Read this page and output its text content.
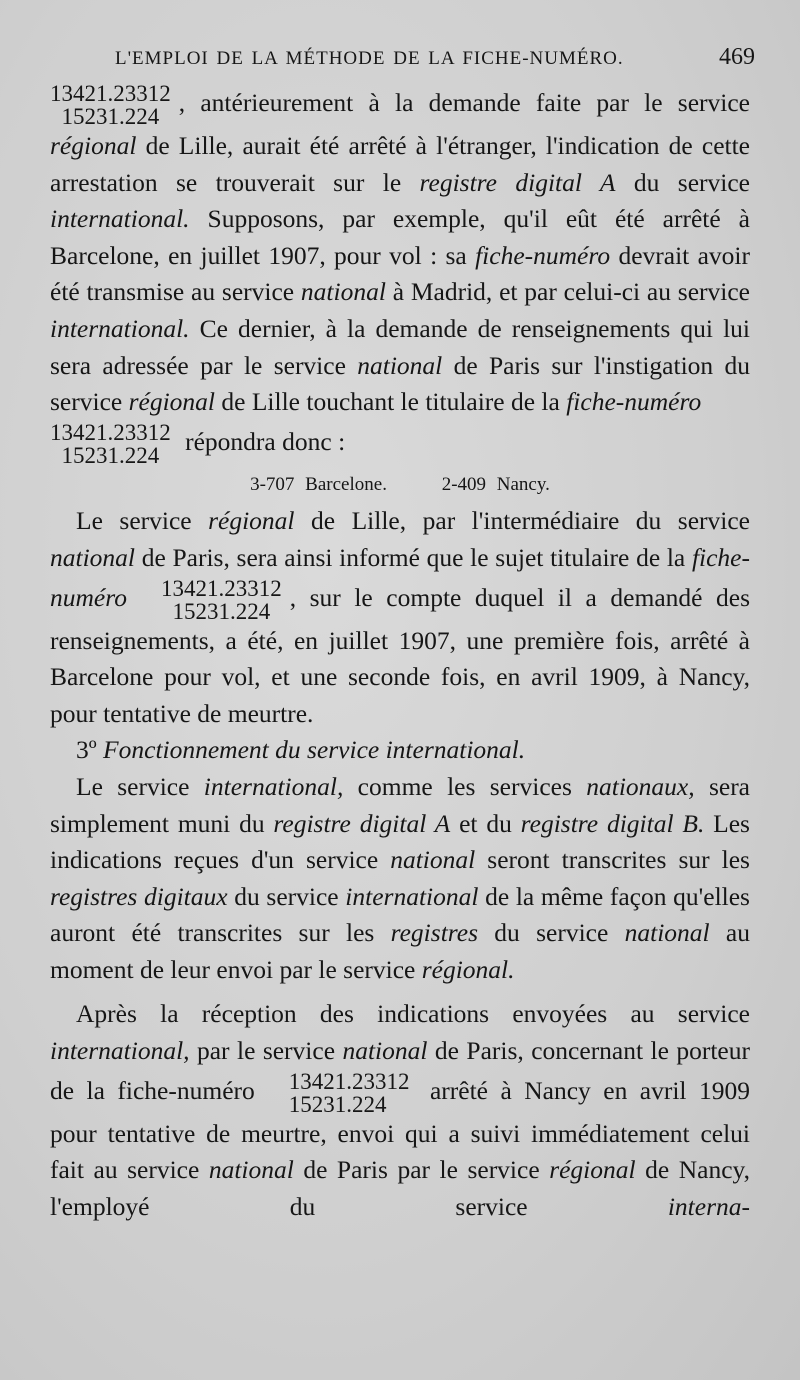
L'EMPLOI DE LA MÉTHODE DE LA FICHE-NUMÉRO.	469

13421.23312
15231.224 , antérieurement à la demande faite par le service régional de Lille, aurait été arrêté à l'étranger, l'indication de cette arrestation se trouverait sur le registre digital A du service international. Supposons, par exemple, qu'il eût été arrêté à Barcelone, en juillet 1907, pour vol : sa fiche-numéro devrait avoir été transmise au service national à Madrid, et par celui-ci au service international. Ce dernier, à la demande de renseignements qui lui sera adressée par le service national de Paris sur l'instigation du service régional de Lille touchant le titulaire de la fiche-numéro

13421.23312
15231.224 répondra donc :

3-707 Barcelone.	2-409 Nancy.

Le service régional de Lille, par l'intermédiaire du service national de Paris, sera ainsi informé que le sujet titulaire de la fiche-numéro	13421.23312
15231.224 , sur le compte duquel il a demandé des renseignements, a été, en juillet 1907, une première fois, arrêté à Barcelone pour vol, et une seconde fois, en avril 1909, à Nancy, pour tentative de meurtre.

3º Fonctionnement du service international.

Le service international, comme les services nationaux, sera simplement muni du registre digital A et du registre digital B. Les indications reçues d'un service national seront transcrites sur les registres digitaux du service international de la même façon qu'elles auront été transcrites sur les registres du service national au moment de leur envoi par le service régional.

Après la réception des indications envoyées au service international, par le service national de Paris, concernant le porteur de la fiche-numéro	13421.23312
15231.224	arrêté à Nancy en avril 1909 pour tentative de meurtre, envoi qui a suivi immédiatement celui fait au service national de Paris par le service régional de Nancy, l'employé du service interna-
